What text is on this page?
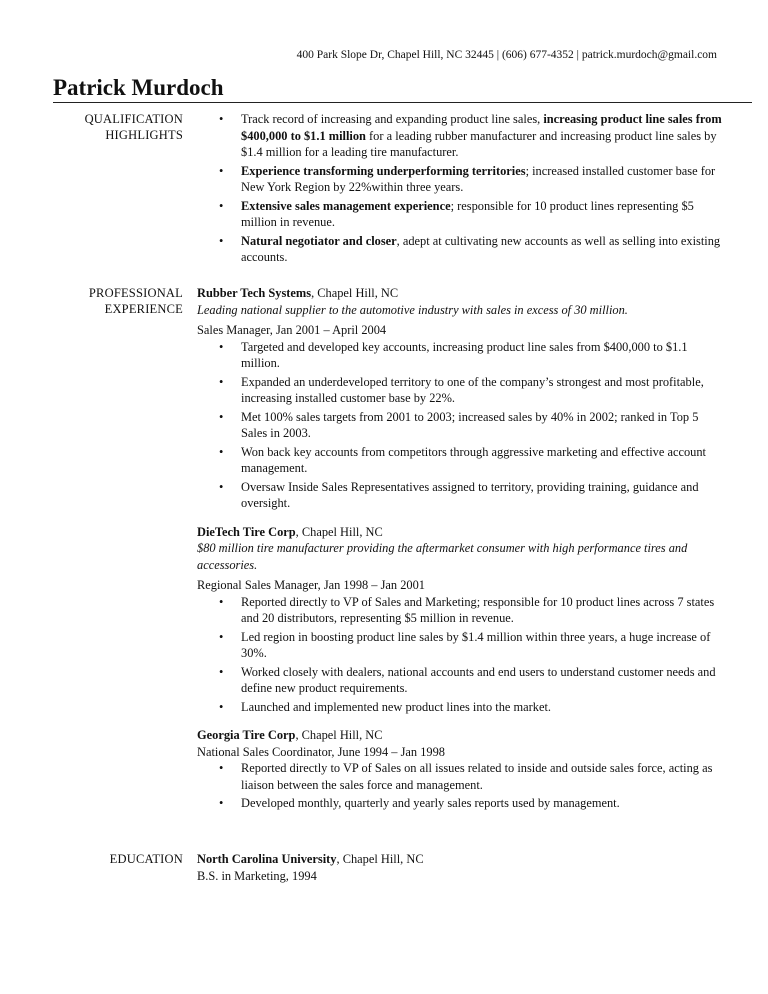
400 Park Slope Dr, Chapel Hill, NC 32445 | (606) 677-4352 | patrick.murdoch@gmail.com
Patrick Murdoch
QUALIFICATION
HIGHLIGHTS
• Track record of increasing and expanding product line sales, increasing product line sales from $400,000 to $1.1 million for a leading rubber manufacturer and increasing product line sales by $1.4 million for a leading tire manufacturer.
• Experience transforming underperforming territories; increased installed customer base for New York Region by 22%within three years.
• Extensive sales management experience; responsible for 10 product lines representing $5 million in revenue.
• Natural negotiator and closer, adept at cultivating new accounts as well as selling into existing accounts.
PROFESSIONAL
EXPERIENCE
Rubber Tech Systems, Chapel Hill, NC
Leading national supplier to the automotive industry with sales in excess of 30 million.
Sales Manager, Jan 2001 – April 2004
• Targeted and developed key accounts, increasing product line sales from $400,000 to $1.1 million.
• Expanded an underdeveloped territory to one of the company’s strongest and most profitable, increasing installed customer base by 22%.
• Met 100% sales targets from 2001 to 2003; increased sales by 40% in 2002; ranked in Top 5 Sales in 2003.
• Won back key accounts from competitors through aggressive marketing and effective account management.
• Oversaw Inside Sales Representatives assigned to territory, providing training, guidance and oversight.
DieTech Tire Corp, Chapel Hill, NC
$80 million tire manufacturer providing the aftermarket consumer with high performance tires and accessories.
Regional Sales Manager, Jan 1998 – Jan 2001
• Reported directly to VP of Sales and Marketing; responsible for 10 product lines across 7 states and 20 distributors, representing $5 million in revenue.
• Led region in boosting product line sales by $1.4 million within three years, a huge increase of 30%.
• Worked closely with dealers, national accounts and end users to understand customer needs and define new product requirements.
• Launched and implemented new product lines into the market.
Georgia Tire Corp, Chapel Hill, NC
National Sales Coordinator, June 1994 – Jan 1998
• Reported directly to VP of Sales on all issues related to inside and outside sales force, acting as liaison between the sales force and management.
• Developed monthly, quarterly and yearly sales reports used by management.
EDUCATION North Carolina University, Chapel Hill, NC
B.S. in Marketing, 1994
